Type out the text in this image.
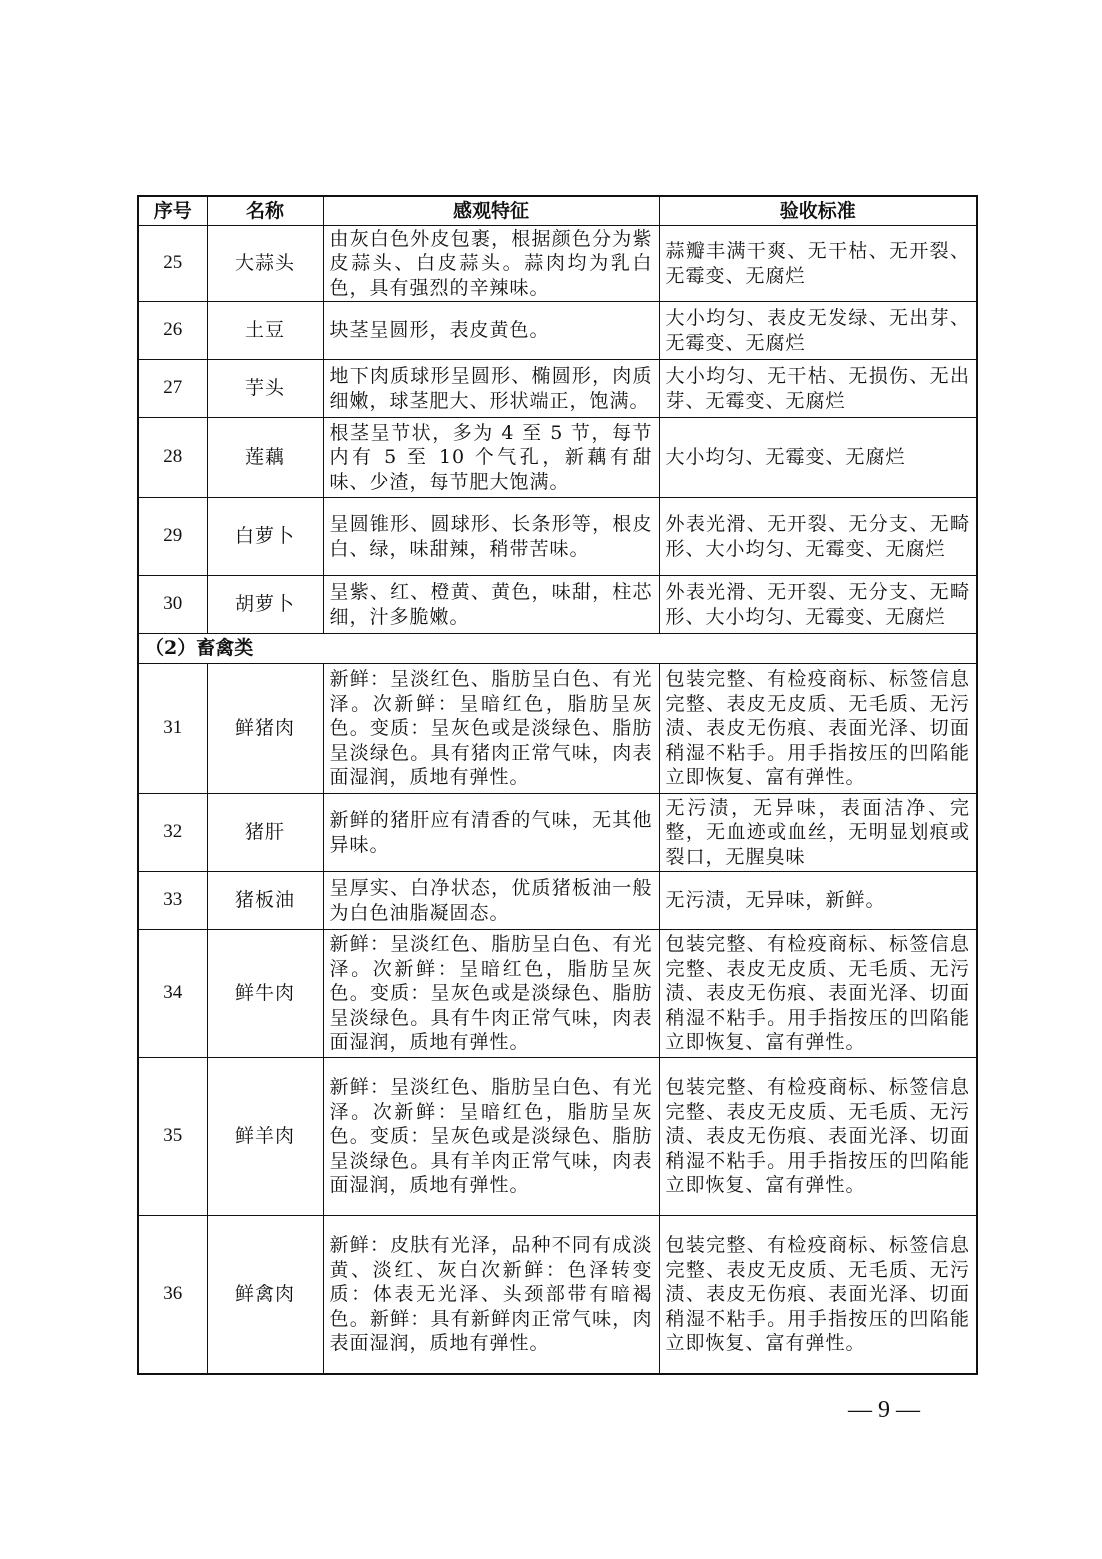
序号	名称	感观特征	验收标准
25	大蒜头	由灰白色外皮包裹，根据颜色分为紫皮蒜头、白皮蒜头。蒜肉均为乳白色，具有强烈的辛辣味。	蒜瓣丰满干爽、无干枯、无开裂、无霉变、无腐烂
26	土豆	块茎呈圆形，表皮黄色。	大小均匀、表皮无发绿、无出芽、无霉变、无腐烂
27	芋头	地下肉质球形呈圆形、椭圆形，肉质细嫩，球茎肥大、形状端正，饱满。	大小均匀、无干枯、无损伤、无出芽、无霉变、无腐烂
28	莲藕	根茎呈节状，多为 4 至 5 节，每节内有 5 至 10 个气孔，新藕有甜味、少渣，每节肥大饱满。	大小均匀、无霉变、无腐烂
29	白萝卜	呈圆锥形、圆球形、长条形等，根皮白、绿，味甜辣，稍带苦味。	外表光滑、无开裂、无分支、无畸形、大小均匀、无霉变、无腐烂
30	胡萝卜	呈紫、红、橙黄、黄色，味甜，柱芯细，汁多脆嫩。	外表光滑、无开裂、无分支、无畸形、大小均匀、无霉变、无腐烂
（2）畜禽类			
31	鲜猪肉	新鲜：呈淡红色、脂肪呈白色、有光泽。次新鲜：呈暗红色，脂肪呈灰色。变质：呈灰色或是淡绿色、脂肪呈淡绿色。具有猪肉正常气味，肉表面湿润，质地有弹性。	包装完整、有检疫商标、标签信息完整、表皮无皮质、无毛质、无污渍、表皮无伤痕、表面光泽、切面稍湿不粘手。用手指按压的凹陷能立即恢复、富有弹性。
32	猪肝	新鲜的猪肝应有清香的气味，无其他异味。	无污渍，无异味，表面洁净、完整，无血迹或血丝，无明显划痕或裂口，无腥臭味
33	猪板油	呈厚实、白净状态，优质猪板油一般为白色油脂凝固态。	无污渍，无异味，新鲜。
34	鲜牛肉	新鲜：呈淡红色、脂肪呈白色、有光泽。次新鲜：呈暗红色，脂肪呈灰色。变质：呈灰色或是淡绿色、脂肪呈淡绿色。具有牛肉正常气味，肉表面湿润，质地有弹性。	包装完整、有检疫商标、标签信息完整、表皮无皮质、无毛质、无污渍、表皮无伤痕、表面光泽、切面稍湿不粘手。用手指按压的凹陷能立即恢复、富有弹性。
35	鲜羊肉	新鲜：呈淡红色、脂肪呈白色、有光泽。次新鲜：呈暗红色，脂肪呈灰色。变质：呈灰色或是淡绿色、脂肪呈淡绿色。具有羊肉正常气味，肉表面湿润，质地有弹性。	包装完整、有检疫商标、标签信息完整、表皮无皮质、无毛质、无污渍、表皮无伤痕、表面光泽、切面稍湿不粘手。用手指按压的凹陷能立即恢复、富有弹性。
36	鲜禽肉	新鲜：皮肤有光泽，品种不同有成淡黄、淡红、灰白次新鲜：色泽转变质：体表无光泽、头颈部带有暗褐色。新鲜：具有新鲜肉正常气味，肉表面湿润，质地有弹性。	包装完整、有检疫商标、标签信息完整、表皮无皮质、无毛质、无污渍、表皮无伤痕、表面光泽、切面稍湿不粘手。用手指按压的凹陷能立即恢复、富有弹性。
— 9 —
